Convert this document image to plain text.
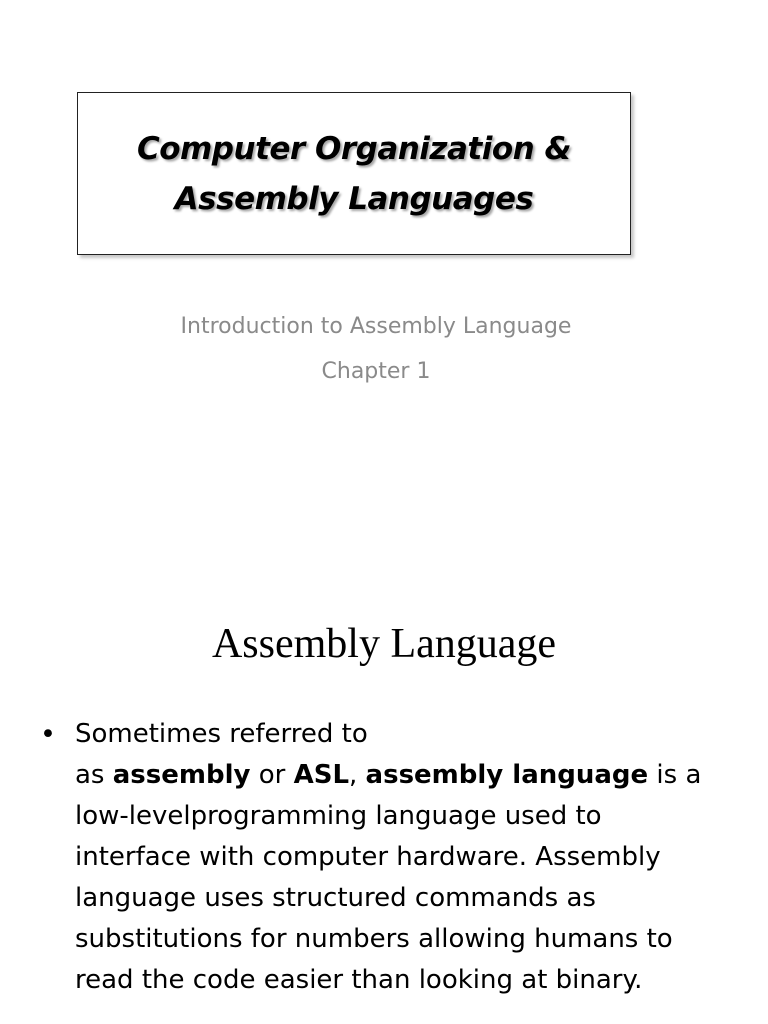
Computer Organization &
Assembly Languages
Introduction to Assembly Language
Chapter 1
Assembly Language
• Sometimes referred to
as assembly or ASL, assembly language is a
low-levelprogramming language used to
interface with computer hardware. Assembly
language uses structured commands as
substitutions for numbers allowing humans to
read the code easier than looking at binary.
